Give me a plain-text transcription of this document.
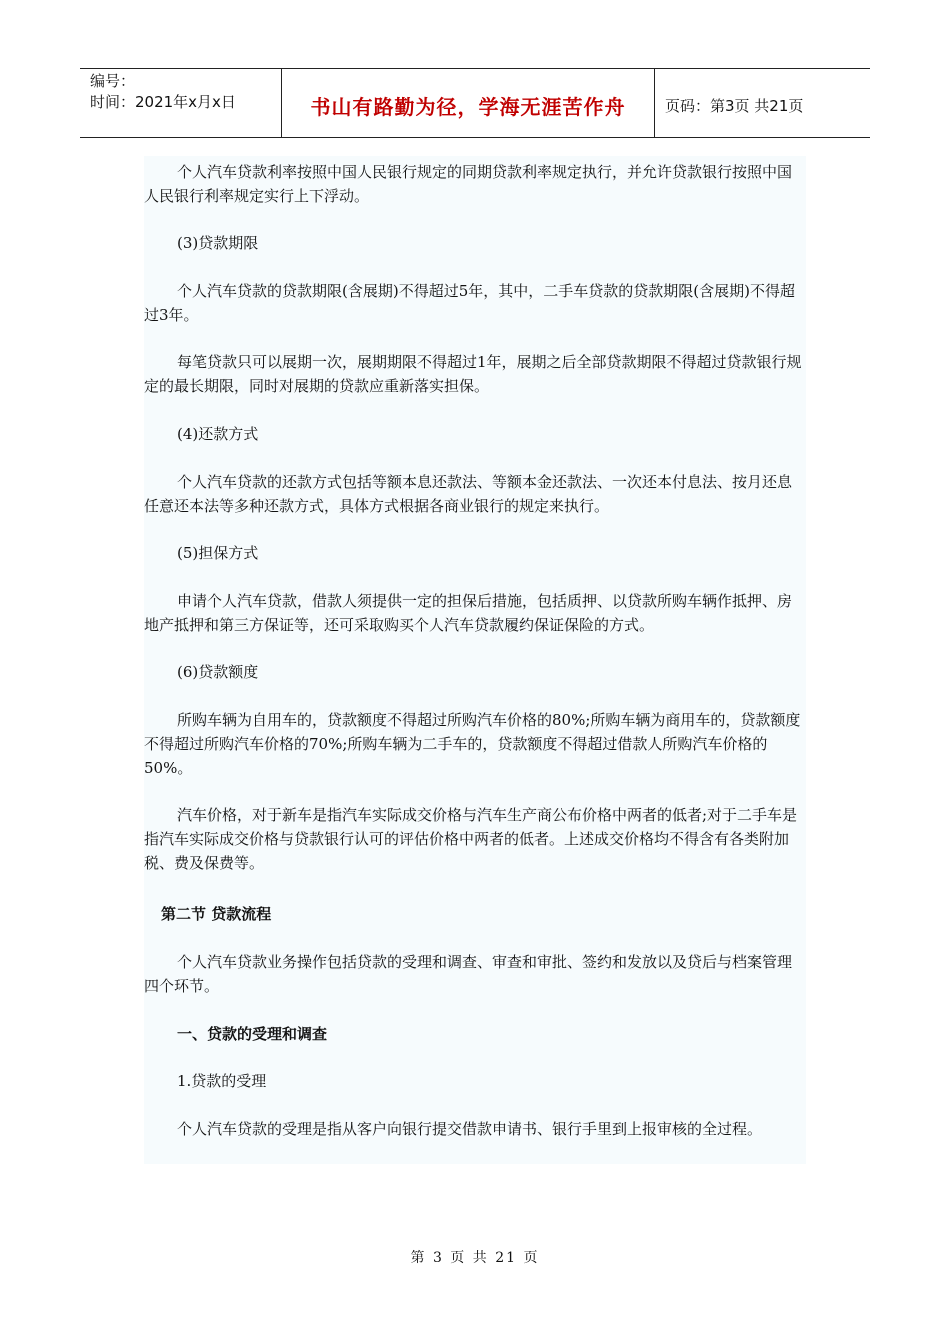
编号：
时间：2021年x月x日	书山有路勤为径，学海无涯苦作舟	页码：第3页 共21页
个人汽车贷款利率按照中国人民银行规定的同期贷款利率规定执行，并允许贷款银行按照中国人民银行利率规定实行上下浮动。
(3)贷款期限
个人汽车贷款的贷款期限(含展期)不得超过5年，其中，二手车贷款的贷款期限(含展期)不得超过3年。
每笔贷款只可以展期一次，展期期限不得超过1年，展期之后全部贷款期限不得超过贷款银行规定的最长期限，同时对展期的贷款应重新落实担保。
(4)还款方式
个人汽车贷款的还款方式包括等额本息还款法、等额本金还款法、一次还本付息法、按月还息任意还本法等多种还款方式，具体方式根据各商业银行的规定来执行。
(5)担保方式
申请个人汽车贷款，借款人须提供一定的担保后措施，包括质押、以贷款所购车辆作抵押、房地产抵押和第三方保证等，还可采取购买个人汽车贷款履约保证保险的方式。
(6)贷款额度
所购车辆为自用车的，贷款额度不得超过所购汽车价格的80%;所购车辆为商用车的，贷款额度不得超过所购汽车价格的70%;所购车辆为二手车的，贷款额度不得超过借款人所购汽车价格的50%。
汽车价格，对于新车是指汽车实际成交价格与汽车生产商公布价格中两者的低者;对于二手车是指汽车实际成交价格与贷款银行认可的评估价格中两者的低者。上述成交价格均不得含有各类附加税、费及保费等。
第二节 贷款流程
个人汽车贷款业务操作包括贷款的受理和调查、审查和审批、签约和发放以及贷后与档案管理四个环节。
一、贷款的受理和调查
1.贷款的受理
个人汽车贷款的受理是指从客户向银行提交借款申请书、银行手里到上报审核的全过程。
第 3 页 共 21 页
